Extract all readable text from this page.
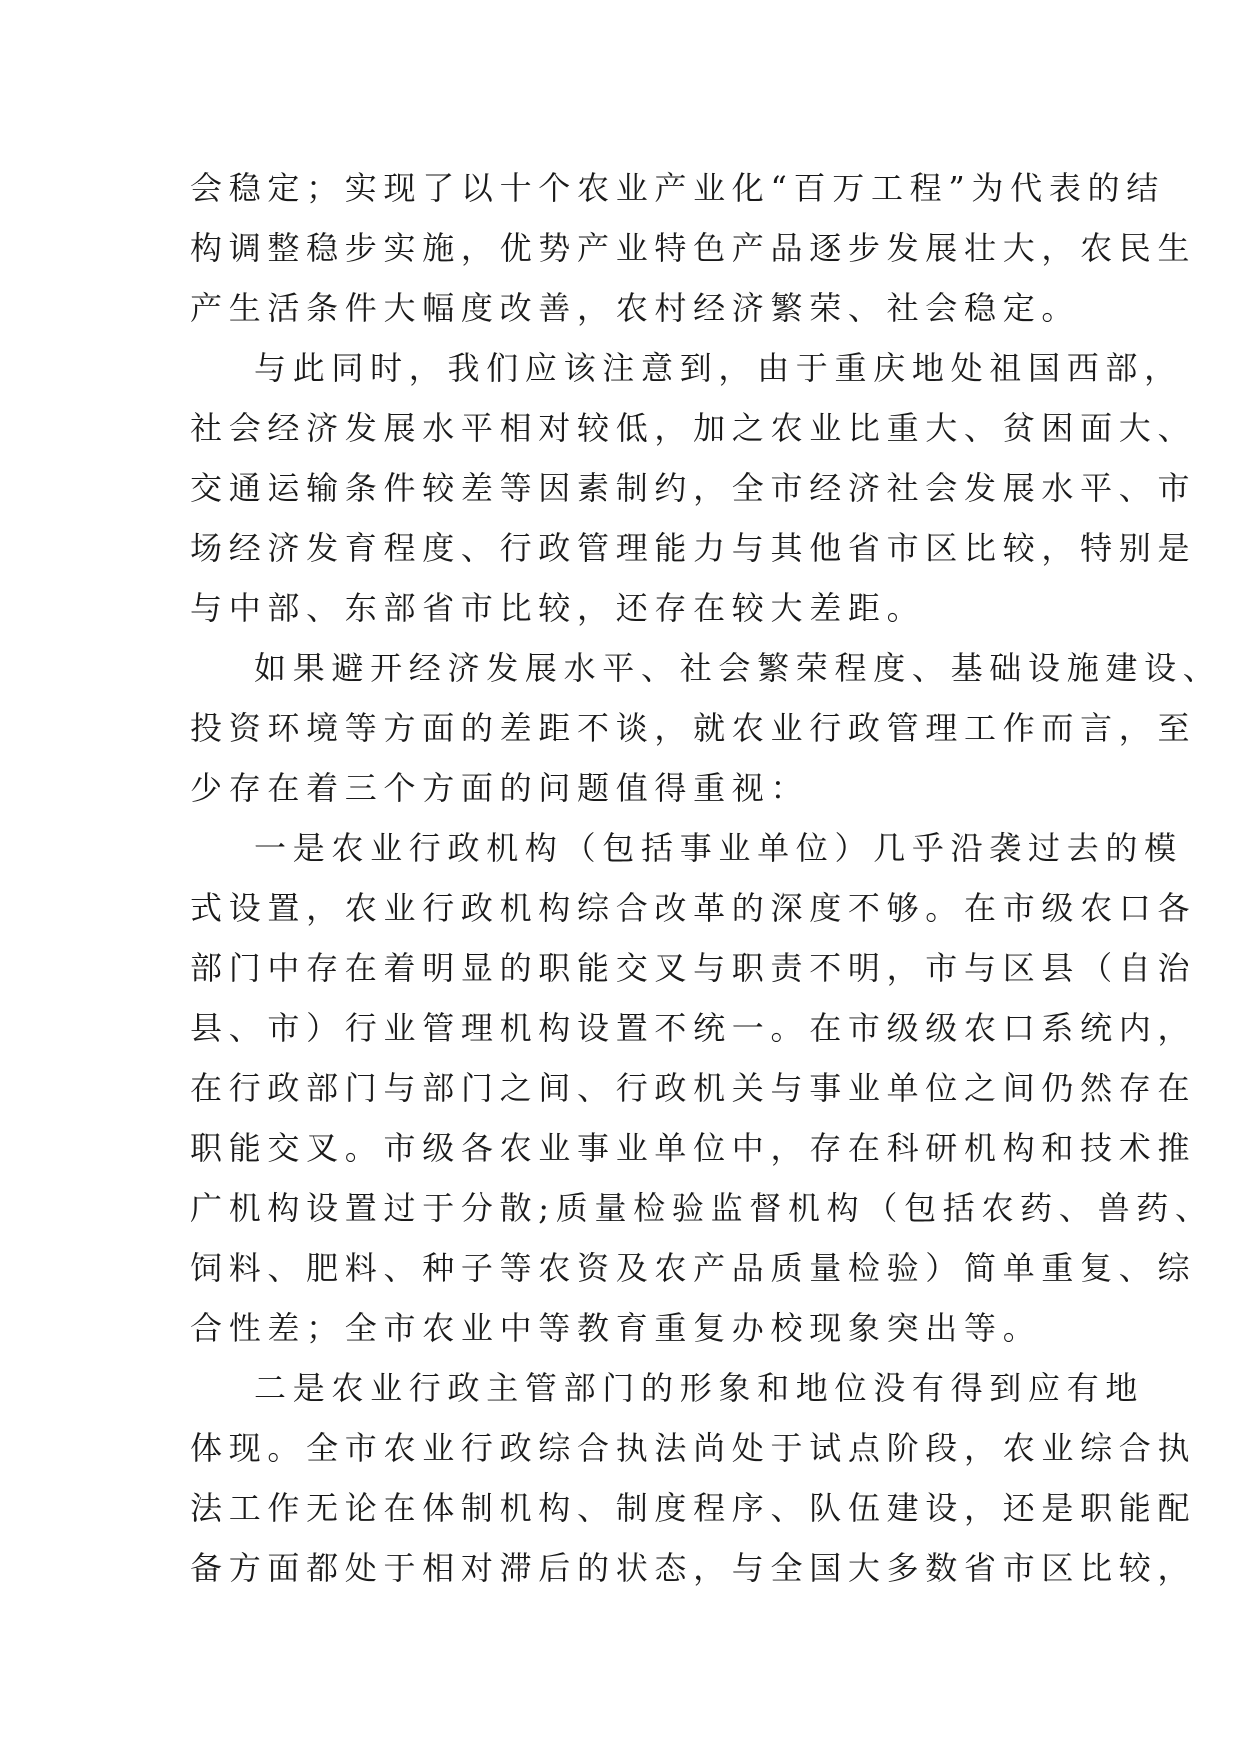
会稳定；实现了以十个农业产业化“百万工程”为代表的结
构调整稳步实施，优势产业特色产品逐步发展壮大，农民生
产生活条件大幅度改善，农村经济繁荣、社会稳定。
与此同时，我们应该注意到，由于重庆地处祖国西部，
社会经济发展水平相对较低，加之农业比重大、贫困面大、
交通运输条件较差等因素制约，全市经济社会发展水平、市
场经济发育程度、行政管理能力与其他省市区比较，特别是
与中部、东部省市比较，还存在较大差距。
如果避开经济发展水平、社会繁荣程度、基础设施建设、
投资环境等方面的差距不谈，就农业行政管理工作而言，至
少存在着三个方面的问题值得重视：
一是农业行政机构（包括事业单位）几乎沿袭过去的模
式设置，农业行政机构综合改革的深度不够。在市级农口各
部门中存在着明显的职能交叉与职责不明，市与区县（自治
县、市）行业管理机构设置不统一。在市级级农口系统内，
在行政部门与部门之间、行政机关与事业单位之间仍然存在
职能交叉。市级各农业事业单位中，存在科研机构和技术推
广机构设置过于分散;质量检验监督机构（包括农药、兽药、
饲料、肥料、种子等农资及农产品质量检验）简单重复、综
合性差；全市农业中等教育重复办校现象突出等。
二是农业行政主管部门的形象和地位没有得到应有地
体现。全市农业行政综合执法尚处于试点阶段，农业综合执
法工作无论在体制机构、制度程序、队伍建设，还是职能配
备方面都处于相对滞后的状态，与全国大多数省市区比较，
